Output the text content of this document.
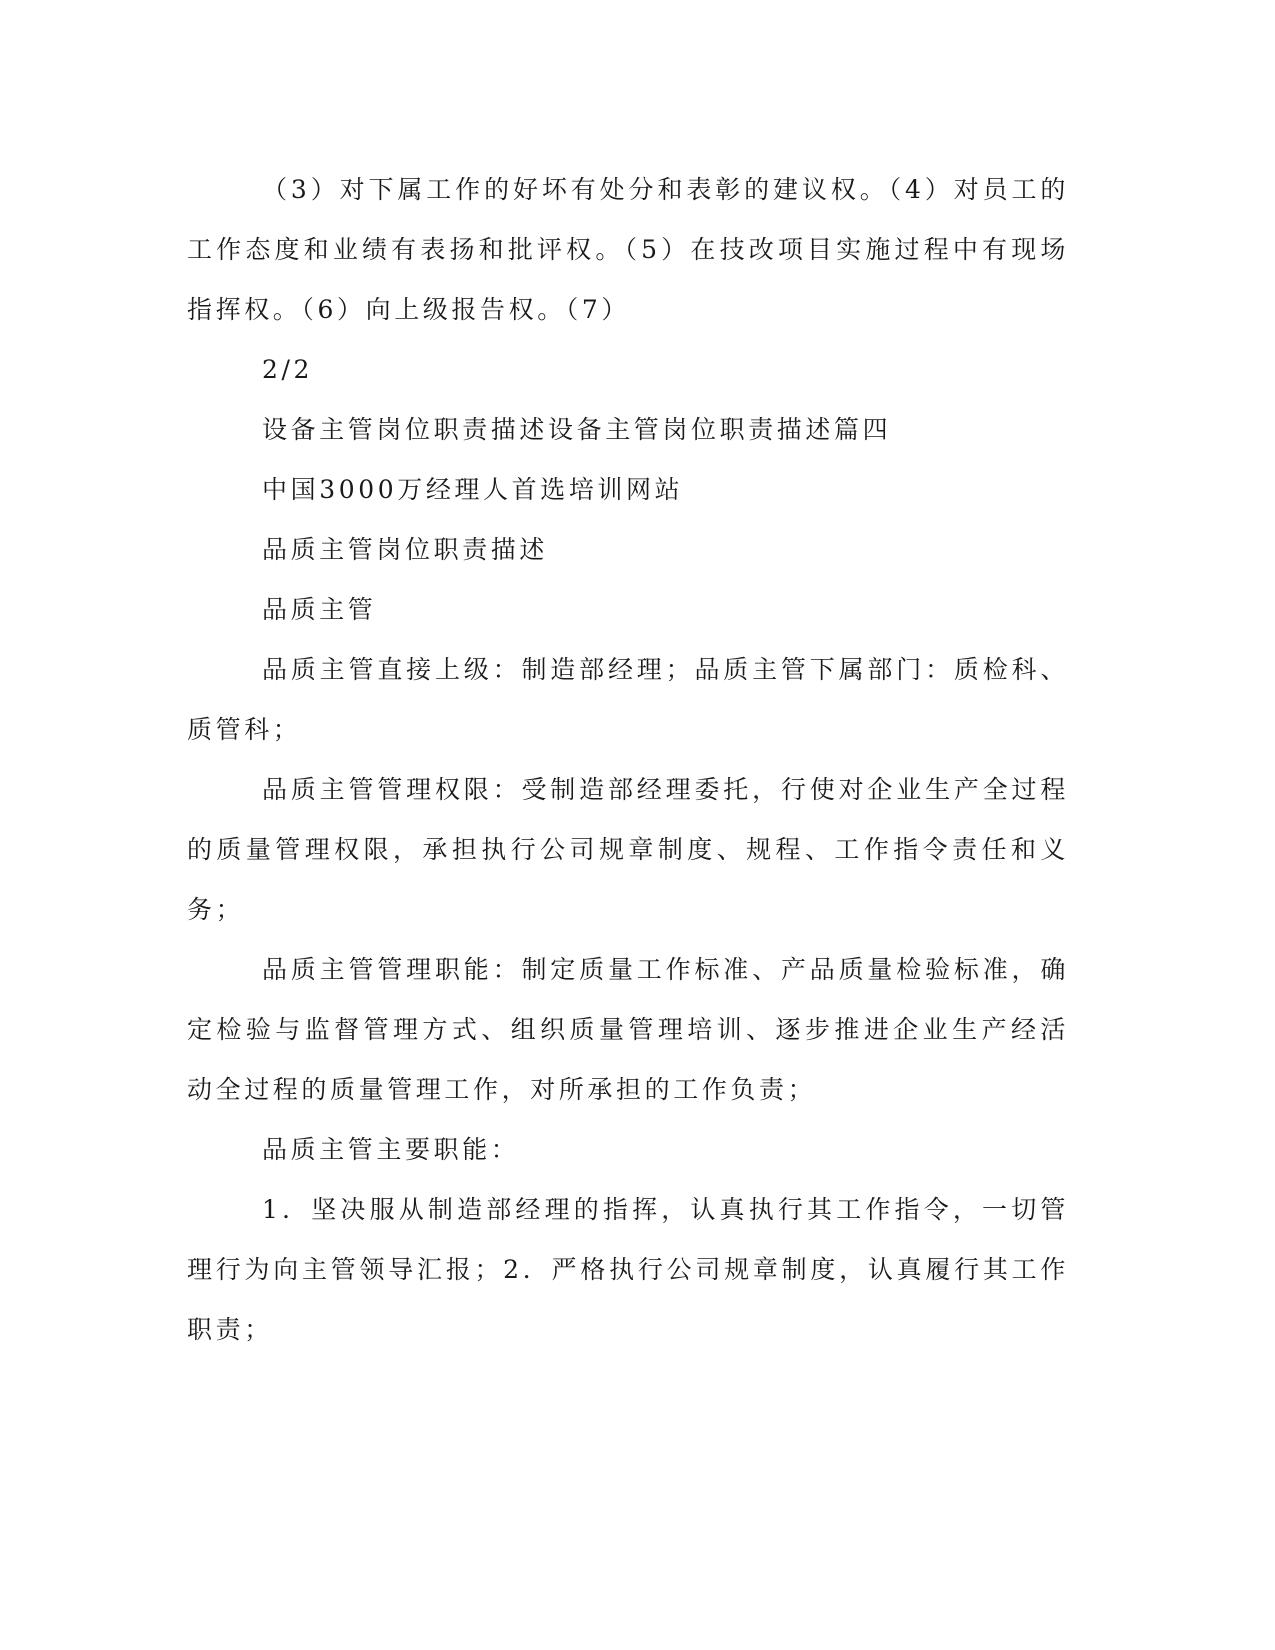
（3）对下属工作的好坏有处分和表彰的建议权。（4）对员工的工作态度和业绩有表扬和批评权。（5）在技改项目实施过程中有现场指挥权。（6）向上级报告权。（7）

2/2

设备主管岗位职责描述设备主管岗位职责描述篇四

中国3000万经理人首选培训网站

品质主管岗位职责描述

品质主管

品质主管直接上级：制造部经理；品质主管下属部门：质检科、质管科；

品质主管管理权限：受制造部经理委托，行使对企业生产全过程的质量管理权限，承担执行公司规章制度、规程、工作指令责任和义务；

品质主管管理职能：制定质量工作标准、产品质量检验标准，确定检验与监督管理方式、组织质量管理培训、逐步推进企业生产经活动全过程的质量管理工作，对所承担的工作负责；

品质主管主要职能：

1．坚决服从制造部经理的指挥，认真执行其工作指令，一切管理行为向主管领导汇报；2．严格执行公司规章制度，认真履行其工作职责；
